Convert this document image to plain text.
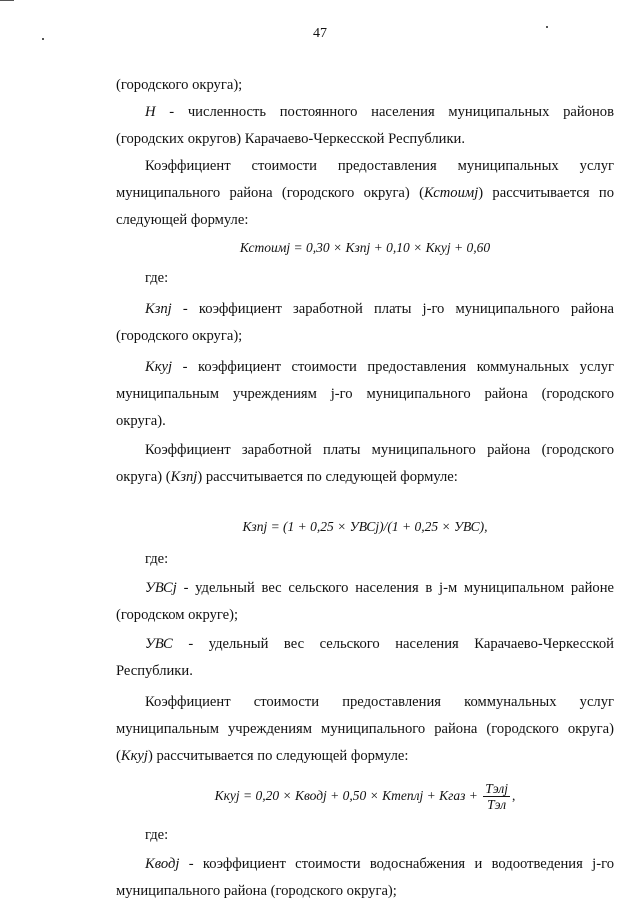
47

(городского округа);

Н - численность постоянного населения муниципальных районов (городских округов) Карачаево-Черкесской Республики.

Коэффициент стоимости предоставления муниципальных услуг муниципального района (городского округа) (Кстоимj) рассчитывается по следующей формуле:

Кстоимj = 0,30 × Кзпj + 0,10 × Ккуj + 0,60

где:

Кзпj - коэффициент заработной платы j-го муниципального района (городского округа);

Ккуj - коэффициент стоимости предоставления коммунальных услуг муниципальным учреждениям j-го муниципального района (городского округа).

Коэффициент заработной платы муниципального района (городского округа) (Кзпj) рассчитывается по следующей формуле:

Кзпj = (1 + 0,25 × УВСj)/(1 + 0,25 × УВС),

где:

УВСj - удельный вес сельского населения в j-м муниципальном районе (городском округе);

УВС - удельный вес сельского населения Карачаево-Черкесской Республики.

Коэффициент стоимости предоставления коммунальных услуг муниципальным учреждениям муниципального района (городского округа) (Ккуj) рассчитывается по следующей формуле:

Ккуj = 0,20 × Кводj + 0,50 × Ктеплj + Кгаз + $\frac{\text{Тэлj}}{\text{Тэл}}$ ,

где:

Кводj - коэффициент стоимости водоснабжения и водоотведения j-го муниципального района (городского округа);
